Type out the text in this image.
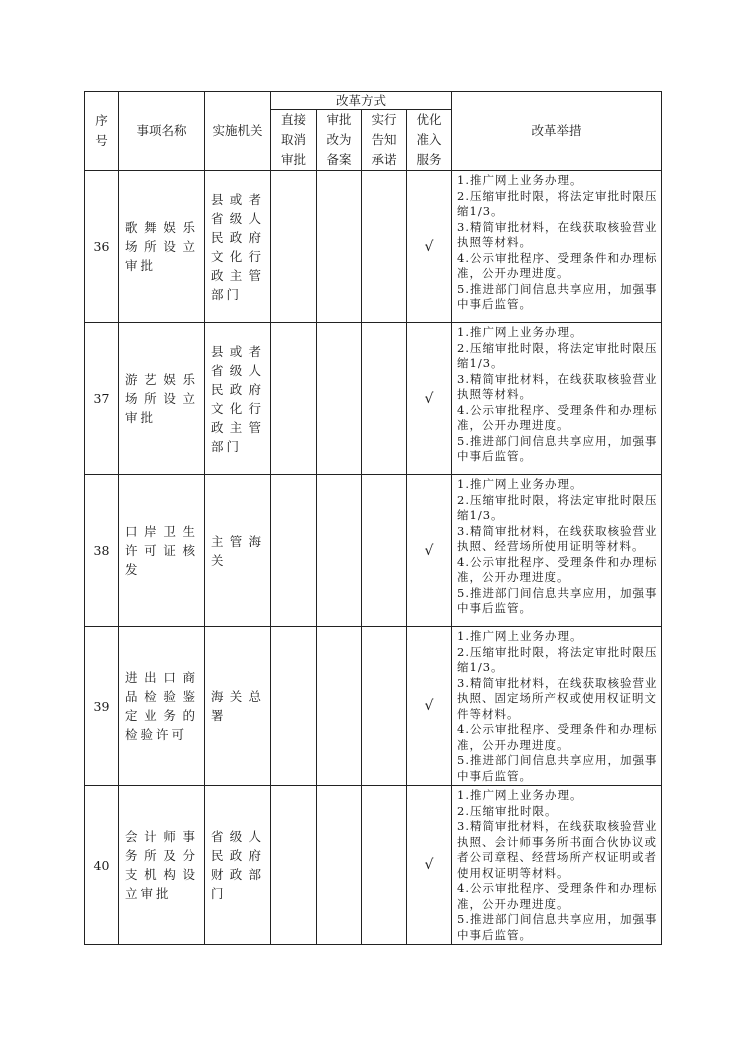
序号	事项名称	实施机关	改革方式				改革举措
			直接取消审批	审批改为备案	实行告知承诺	优化准入服务	
36	歌舞娱乐场所设立审批	县或者省级人民政府文化行政主管部门				√	1.推广网上业务办理。
2.压缩审批时限，将法定审批时限压缩1/3。
3.精简审批材料，在线获取核验营业执照等材料。
4.公示审批程序、受理条件和办理标准，公开办理进度。
5.推进部门间信息共享应用，加强事中事后监管。

37	游艺娱乐场所设立审批	县或者省级人民政府文化行政主管部门				√	1.推广网上业务办理。
2.压缩审批时限，将法定审批时限压缩1/3。
3.精简审批材料，在线获取核验营业执照等材料。
4.公示审批程序、受理条件和办理标准，公开办理进度。
5.推进部门间信息共享应用，加强事中事后监管。

38	口岸卫生许可证核发	主管海关				√	1.推广网上业务办理。
2.压缩审批时限，将法定审批时限压缩1/3。
3.精简审批材料，在线获取核验营业执照、经营场所使用证明等材料。
4.公示审批程序、受理条件和办理标准，公开办理进度。
5.推进部门间信息共享应用，加强事中事后监管。

39	进出口商品检验鉴定业务的检验许可	海关总署				√	1.推广网上业务办理。
2.压缩审批时限，将法定审批时限压缩1/3。
3.精简审批材料，在线获取核验营业执照、固定场所产权或使用权证明文件等材料。
4.公示审批程序、受理条件和办理标准，公开办理进度。
5.推进部门间信息共享应用，加强事中事后监管。

40	会计师事务所及分支机构设立审批	省级人民政府财政部门				√	1.推广网上业务办理。
2.压缩审批时限。
3.精简审批材料，在线获取核验营业执照、会计师事务所书面合伙协议或者公司章程、经营场所产权证明或者使用权证明等材料。
4.公示审批程序、受理条件和办理标准，公开办理进度。
5.推进部门间信息共享应用，加强事中事后监管。
